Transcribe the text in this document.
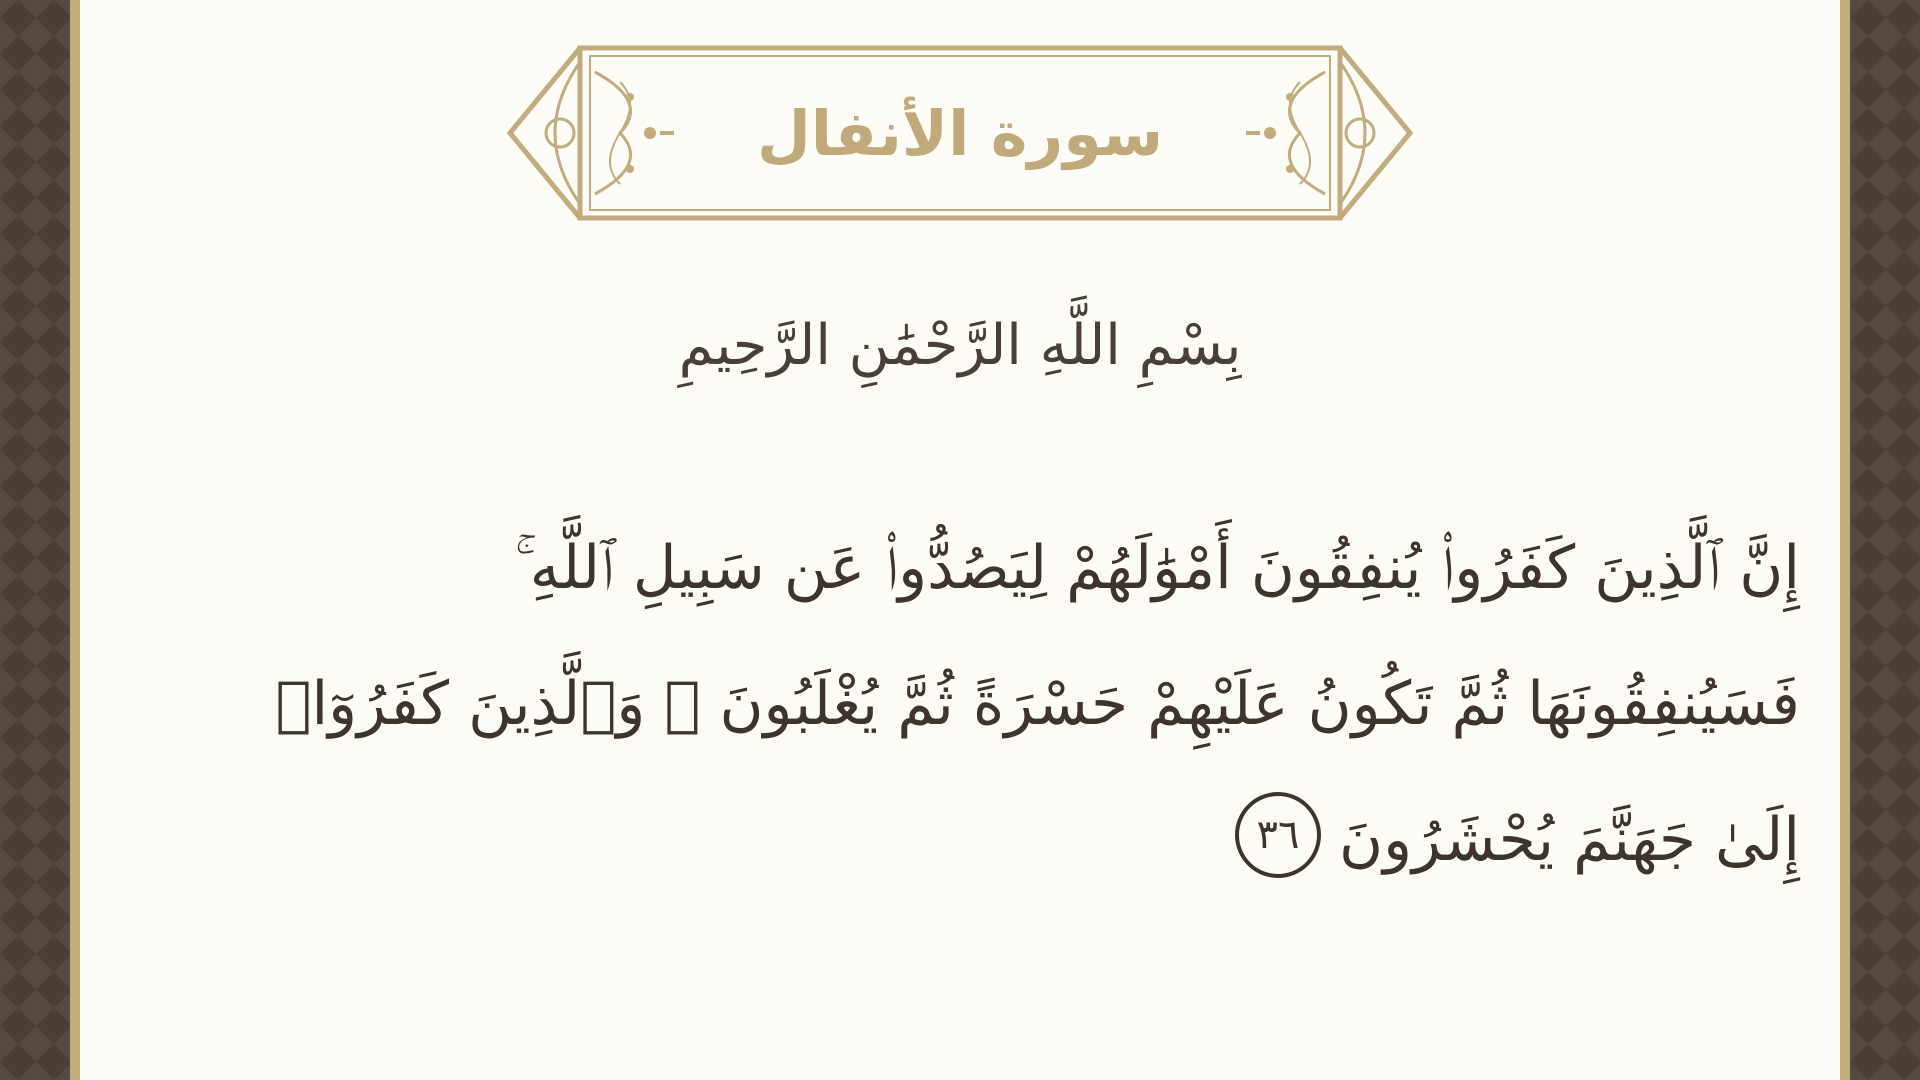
سورة الأنفال
بِسْمِ اللَّهِ الرَّحْمَٰنِ الرَّحِيمِ
إِنَّ ٱلَّذِينَ كَفَرُوا۟ يُنفِقُونَ أَمْوَٰلَهُمْ لِيَصُدُّوا۟ عَن سَبِيلِ ٱللَّهِ ۚ
فَسَيُنفِقُونَهَا ثُمَّ تَكُونُ عَلَيْهِمْ حَسْرَةً ثُمَّ يُغْلَبُونَ ۗ وَٱلَّذِينَ كَفَرُوٓا۟
إِلَىٰ جَهَنَّمَ يُحْشَرُونَ٣٦
